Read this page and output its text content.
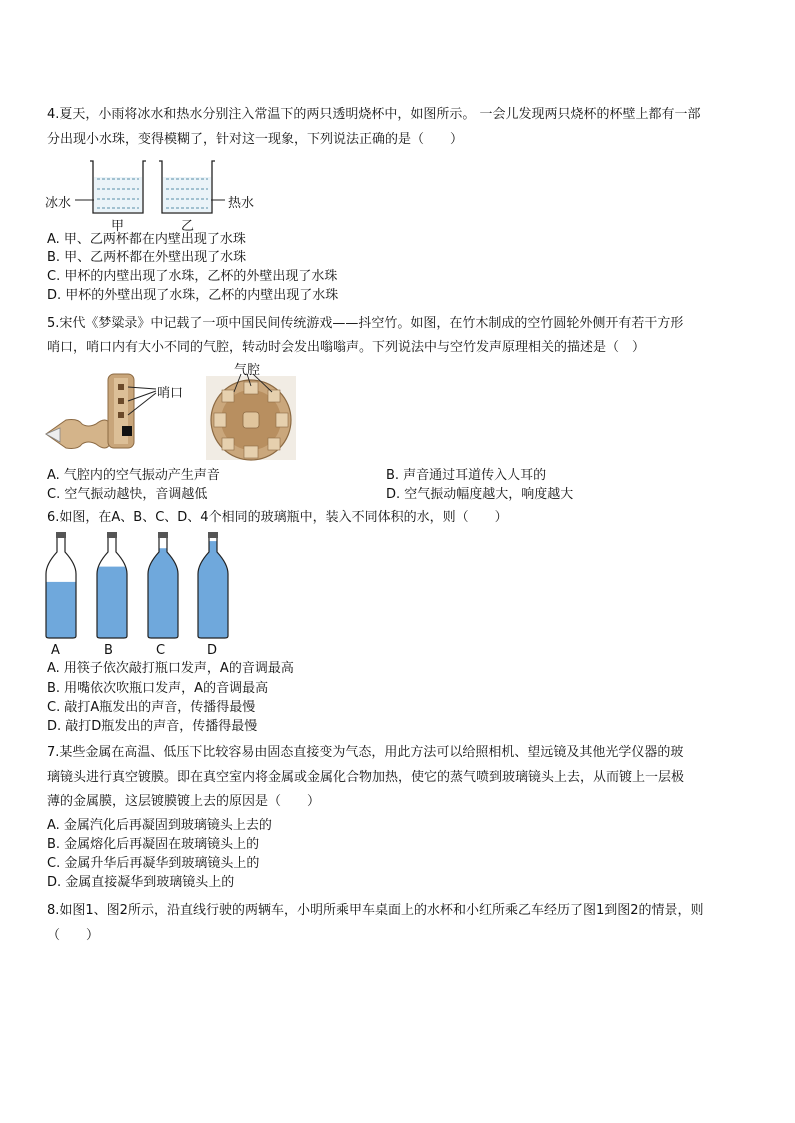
4.夏天，小雨将冰水和热水分别注入常温下的两只透明烧杯中，如图所示。 一会儿发现两只烧杯的杯壁上都有一部
分出现小水珠，变得模糊了，针对这一现象，下列说法正确的是（　　）
冰水	热水
甲	乙
A. 甲、乙两杯都在内壁出现了水珠
B. 甲、乙两杯都在外壁出现了水珠
C. 甲杯的内壁出现了水珠，乙杯的外壁出现了水珠
D. 甲杯的外壁出现了水珠，乙杯的内壁出现了水珠
5.宋代《梦粱录》中记载了一项中国民间传统游戏——抖空竹。如图，在竹木制成的空竹圆轮外侧开有若干方形
哨口，哨口内有大小不同的气腔，转动时会发出嗡嗡声。下列说法中与空竹发声原理相关的描述是（　）
哨口
气腔
A. 气腔内的空气振动产生声音	B. 声音通过耳道传入人耳的
C. 空气振动越快，音调越低	D. 空气振动幅度越大，响度越大
6.如图，在A、B、C、D、4个相同的玻璃瓶中，装入不同体积的水，则（　　）
A	B	C	D
A. 用筷子依次敲打瓶口发声，A的音调最高
B. 用嘴依次吹瓶口发声，A的音调最高
C. 敲打A瓶发出的声音，传播得最慢
D. 敲打D瓶发出的声音，传播得最慢
7.某些金属在高温、低压下比较容易由固态直接变为气态，用此方法可以给照相机、望远镜及其他光学仪器的玻
璃镜头进行真空镀膜。即在真空室内将金属或金属化合物加热，使它的蒸气喷到玻璃镜头上去，从而镀上一层极
薄的金属膜，这层镀膜镀上去的原因是（　　）
A. 金属汽化后再凝固到玻璃镜头上去的
B. 金属熔化后再凝固在玻璃镜头上的
C. 金属升华后再凝华到玻璃镜头上的
D. 金属直接凝华到玻璃镜头上的
8.如图1、图2所示，沿直线行驶的两辆车，小明所乘甲车桌面上的水杯和小红所乘乙车经历了图1到图2的情景，则
（　　）
